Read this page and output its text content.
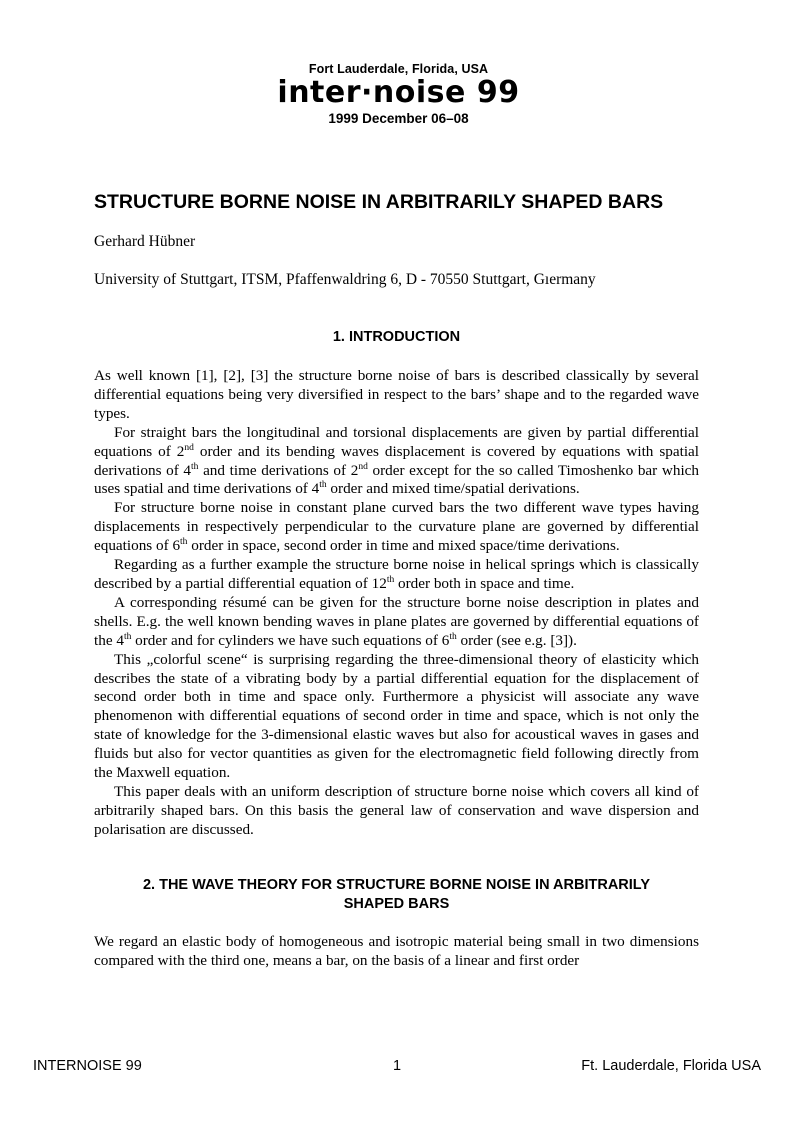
Fort Lauderdale, Florida, USA
inter·noise 99
1999 December 06–08
STRUCTURE BORNE NOISE IN ARBITRARILY SHAPED BARS
Gerhard Hübner
University of Stuttgart, ITSM, Pfaffenwaldring 6, D - 70550 Stuttgart, Gıermany
1. INTRODUCTION

As well known [1], [2], [3] the structure borne noise of bars is described classically by several differential equations being very diversified in respect to the bars’ shape and to the regarded wave types.

For straight bars the longitudinal and torsional displacements are given by partial differential equations of 2nd order and its bending waves displacement is covered by equations with spatial derivations of 4th and time derivations of 2nd order except for the so called Timoshenko bar which uses spatial and time derivations of 4th order and mixed time/spatial derivations.

For structure borne noise in constant plane curved bars the two different wave types having displacements in respectively perpendicular to the curvature plane are governed by differential equations of 6th order in space, second order in time and mixed space/time derivations.

Regarding as a further example the structure borne noise in helical springs which is classically described by a partial differential equation of 12th order both in space and time.

A corresponding résumé can be given for the structure borne noise description in plates and shells. E.g. the well known bending waves in plane plates are governed by differential equations of the 4th order and for cylinders we have such equations of 6th order (see e.g. [3]).

This „colorful scene“ is surprising regarding the three-dimensional theory of elasticity which describes the state of a vibrating body by a partial differential equation for the displacement of second order both in time and space only. Furthermore a physicist will associate any wave phenomenon with differential equations of second order in time and space, which is not only the state of knowledge for the 3-dimensional elastic waves but also for acoustical waves in gases and fluids but also for vector quantities as given for the electromagnetic field following directly from the Maxwell equation.

This paper deals with an uniform description of structure borne noise which covers all kind of arbitrarily shaped bars. On this basis the general law of conservation and wave dispersion and polarisation are discussed.

2. THE WAVE THEORY FOR STRUCTURE BORNE NOISE IN ARBITRARILY
SHAPED BARS

We regard an elastic body of homogeneous and isotropic material being small in two dimensions compared with the third one, means a bar, on the basis of a linear and first order

INTERNOISE 99	1	Ft. Lauderdale, Florida USA
